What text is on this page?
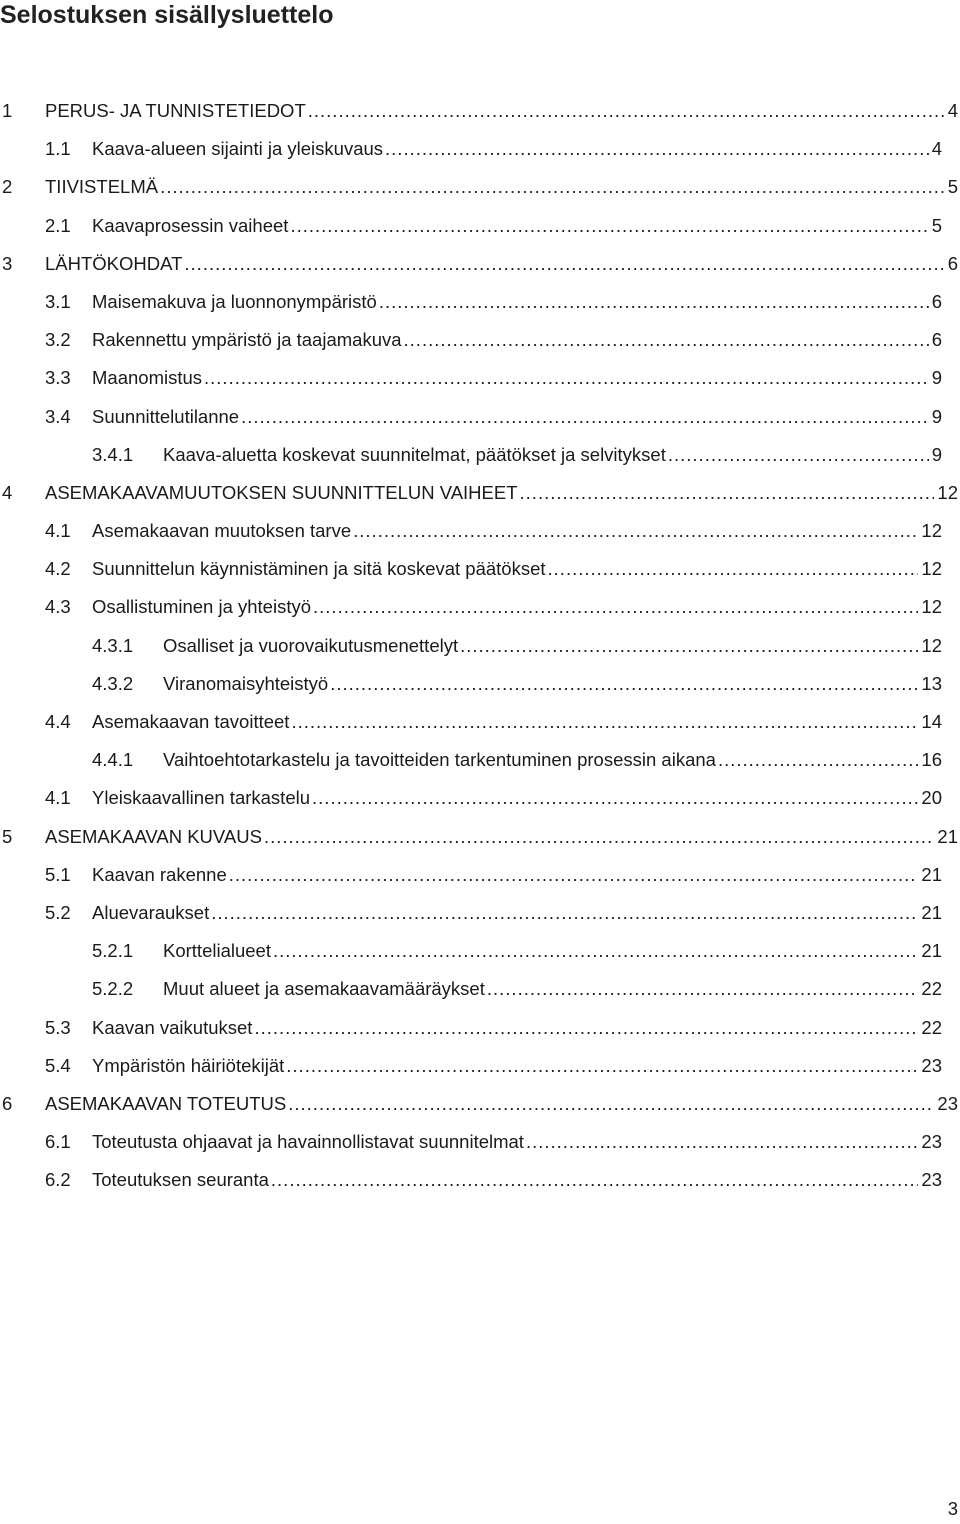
Selostuksen sisällysluettelo
1 PERUS- JA TUNNISTETIEDOT .....	4
1.1 Kaava-alueen sijainti ja yleiskuvaus .....	4
2 TIIVISTELMÄ .....	5
2.1 Kaavaprosessin vaiheet .....	5
3 LÄHTÖKOHDAT .....	6
3.1 Maisemakuva ja luonnonympäristö .....	6
3.2 Rakennettu ympäristö ja taajamakuva .....	6
3.3 Maanomistus .....	9
3.4 Suunnittelutilanne .....	9
3.4.1 Kaava-aluetta koskevat suunnitelmat, päätökset ja selvitykset .....	9
4 ASEMAKAAVAMUUTOKSEN SUUNNITTELUN VAIHEET .....	12
4.1 Asemakaavan muutoksen tarve .....	12
4.2 Suunnittelun käynnistäminen ja sitä koskevat päätökset .....	12
4.3 Osallistuminen ja yhteistyö .....	12
4.3.1 Osalliset ja vuorovaikutusmenettelyt .....	12
4.3.2 Viranomaisyhteistyö .....	13
4.4 Asemakaavan tavoitteet .....	14
4.4.1 Vaihtoehtotarkastelu ja tavoitteiden tarkentuminen prosessin aikana .....	16
4.1 Yleiskaavallinen tarkastelu .....	20
5 ASEMAKAAVAN KUVAUS .....	21
5.1 Kaavan rakenne .....	21
5.2 Aluevaraukset .....	21
5.2.1 Korttelialueet .....	21
5.2.2 Muut alueet ja asemakaavamääräykset .....	22
5.3 Kaavan vaikutukset .....	22
5.4 Ympäristön häiriötekijät .....	23
6 ASEMAKAAVAN TOTEUTUS .....	23
6.1 Toteutusta ohjaavat ja havainnollistavat suunnitelmat .....	23
6.2 Toteutuksen seuranta .....	23
3
